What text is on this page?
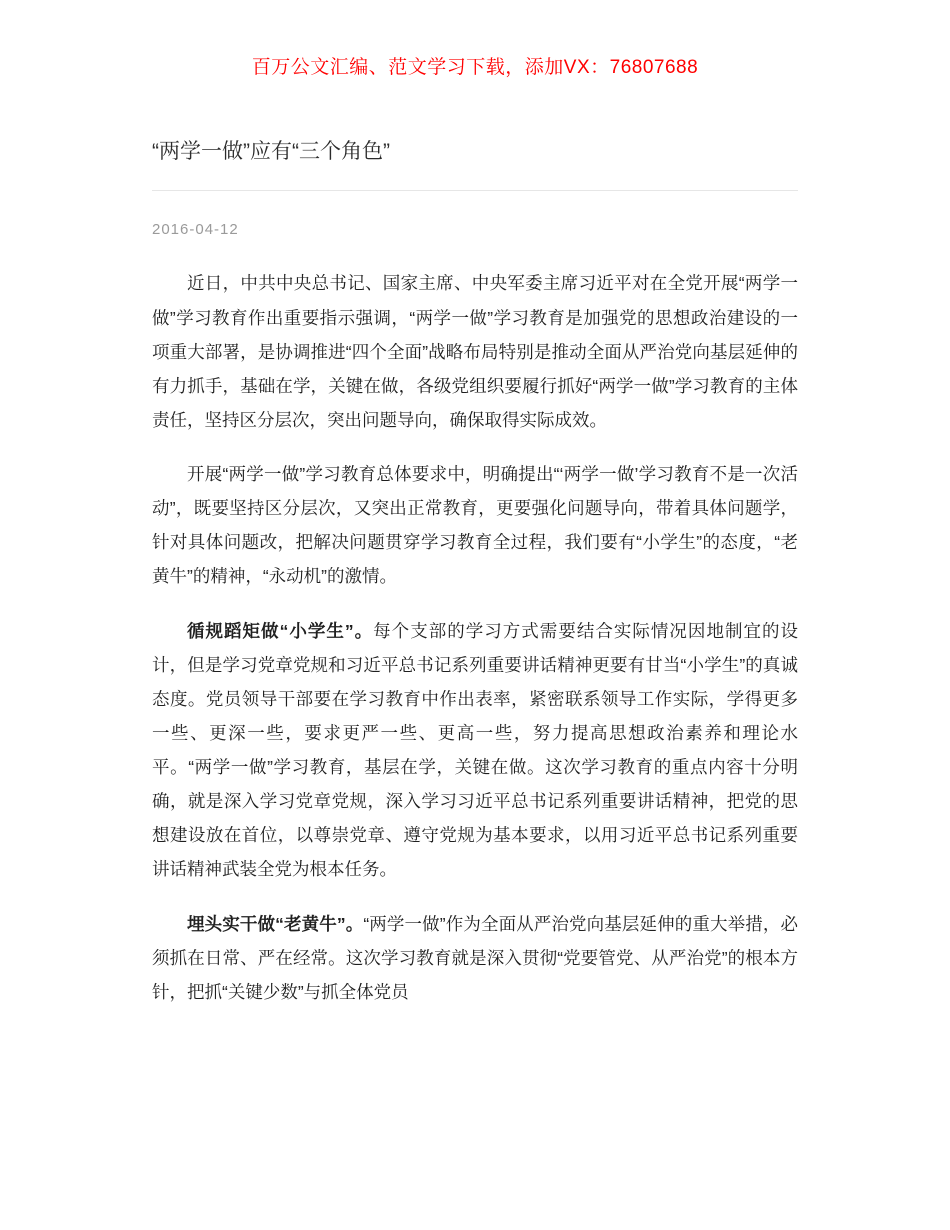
百万公文汇编、范文学习下载，添加VX：76807688
“两学一做”应有“三个角色”
2016-04-12

近日，中共中央总书记、国家主席、中央军委主席习近平对在全党开展“两学一做”学习教育作出重要指示强调，“两学一做”学习教育是加强党的思想政治建设的一项重大部署，是协调推进“四个全面”战略布局特别是推动全面从严治党向基层延伸的有力抓手，基础在学，关键在做，各级党组织要履行抓好“两学一做”学习教育的主体责任，坚持区分层次，突出问题导向，确保取得实际成效。

开展“两学一做”学习教育总体要求中，明确提出“‘两学一做’学习教育不是一次活动”，既要坚持区分层次，又突出正常教育，更要强化问题导向，带着具体问题学，针对具体问题改，把解决问题贯穿学习教育全过程，我们要有“小学生”的态度，“老黄牛”的精神，“永动机”的激情。

循规蹈矩做“小学生”。每个支部的学习方式需要结合实际情况因地制宜的设计，但是学习党章党规和习近平总书记系列重要讲话精神更要有甘当“小学生”的真诚态度。党员领导干部要在学习教育中作出表率，紧密联系领导工作实际，学得更多一些、更深一些，要求更严一些、更高一些，努力提高思想政治素养和理论水平。“两学一做”学习教育，基层在学，关键在做。这次学习教育的重点内容十分明确，就是深入学习党章党规，深入学习习近平总书记系列重要讲话精神，把党的思想建设放在首位，以尊崇党章、遵守党规为基本要求，以用习近平总书记系列重要讲话精神武装全党为根本任务。

埋头实干做“老黄牛”。“两学一做”作为全面从严治党向基层延伸的重大举措，必须抓在日常、严在经常。这次学习教育就是深入贯彻“党要管党、从严治党”的根本方针，把抓“关键少数”与抓全体党员
